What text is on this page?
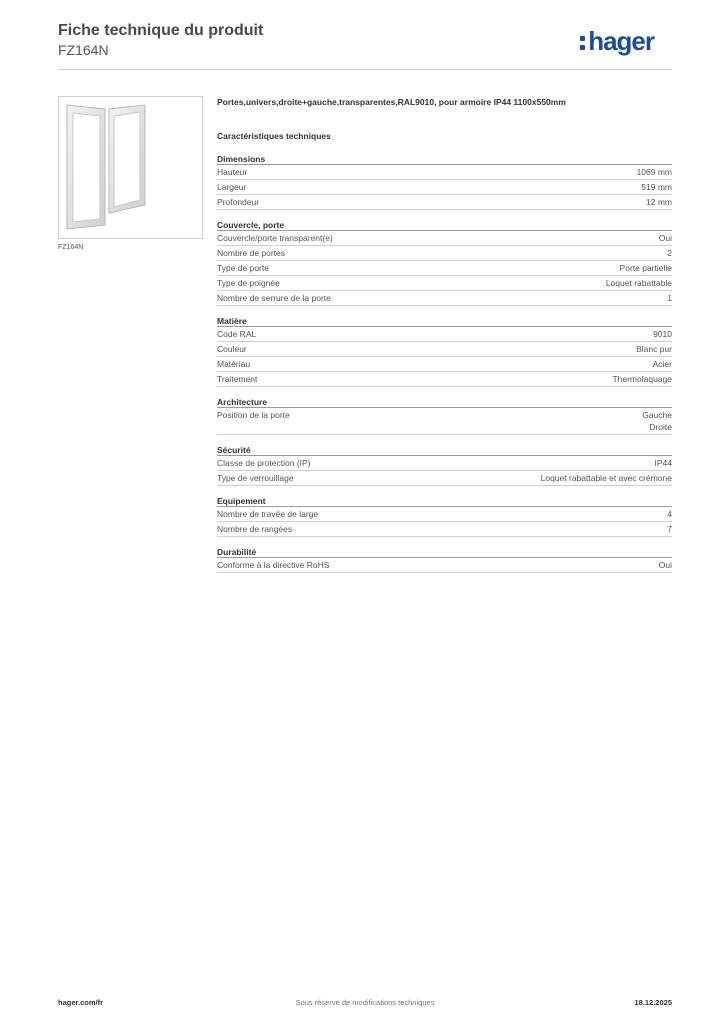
Fiche technique du produit
FZ164N	hager
FZ164N
Portes,univers,droite+gauche,transparentes,RAL9010, pour armoire IP44 1100x550mm
Caractéristiques techniques
Dimensions
Hauteur	1069 mm
Largeur	519 mm
Profondeur	12 mm
Couvercle, porte
Couvercle/porte transparent(e)	Oui
Nombre de portes	2
Type de porte	Porte partielle
Type de poignée	Loquet rabattable
Nombre de serrure de la porte	1
Matière
Code RAL	9010
Couleur	Blanc pur
Matériau	Acier
Traitement	Thermolaquage
Architecture
Position de la porte	Gauche
Droite
Sécurité
Classe de protection (IP)	IP44
Type de verrouillage	Loquet rabattable et avec crémone
Equipement
Nombre de travée de large	4
Nombre de rangées	7
Durabilité
Conforme à la directive RoHS	Oui
hager.com/fr	Sous réserve de modifications techniques	18.12.2025
